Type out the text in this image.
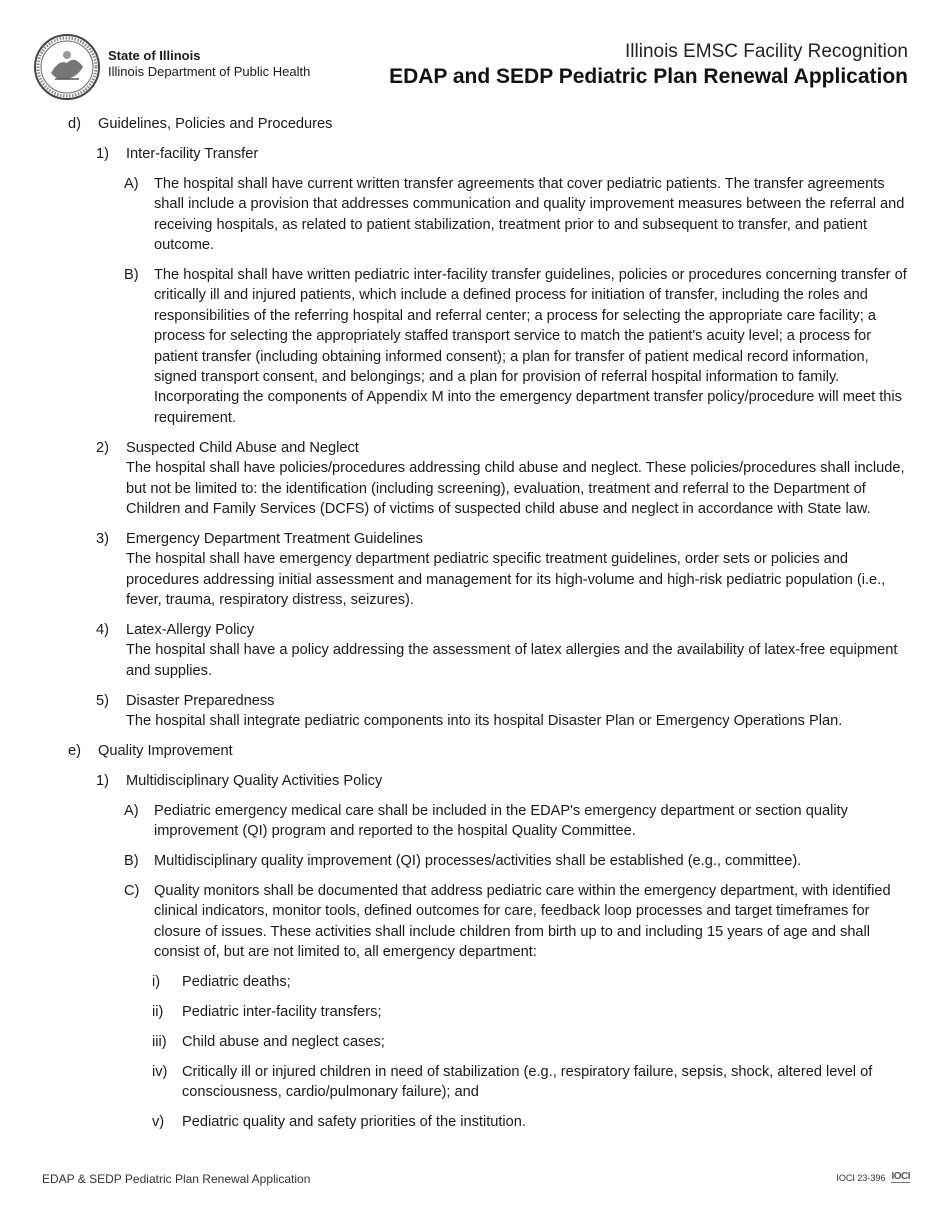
State of Illinois
Illinois Department of Public Health
Illinois EMSC Facility Recognition
EDAP and SEDP Pediatric Plan Renewal Application
d) Guidelines, Policies and Procedures
1) Inter-facility Transfer
A) The hospital shall have current written transfer agreements that cover pediatric patients. The transfer agreements shall include a provision that addresses communication and quality improvement measures between the referral and receiving hospitals, as related to patient stabilization, treatment prior to and subsequent to transfer, and patient outcome.
B) The hospital shall have written pediatric inter-facility transfer guidelines, policies or procedures concerning transfer of critically ill and injured patients, which include a defined process for initiation of transfer, including the roles and responsibilities of the referring hospital and referral center; a process for selecting the appropriate care facility; a process for selecting the appropriately staffed transport service to match the patient's acuity level; a process for patient transfer (including obtaining informed consent); a plan for transfer of patient medical record information, signed transport consent, and belongings; and a plan for provision of referral hospital information to family. Incorporating the components of Appendix M into the emergency department transfer policy/procedure will meet this requirement.
2) Suspected Child Abuse and Neglect
The hospital shall have policies/procedures addressing child abuse and neglect. These policies/procedures shall include, but not be limited to: the identification (including screening), evaluation, treatment and referral to the Department of Children and Family Services (DCFS) of victims of suspected child abuse and neglect in accordance with State law.
3) Emergency Department Treatment Guidelines
The hospital shall have emergency department pediatric specific treatment guidelines, order sets or policies and procedures addressing initial assessment and management for its high-volume and high-risk pediatric population (i.e., fever, trauma, respiratory distress, seizures).
4) Latex-Allergy Policy
The hospital shall have a policy addressing the assessment of latex allergies and the availability of latex-free equipment and supplies.
5) Disaster Preparedness
The hospital shall integrate pediatric components into its hospital Disaster Plan or Emergency Operations Plan.
e) Quality Improvement
1) Multidisciplinary Quality Activities Policy
A) Pediatric emergency medical care shall be included in the EDAP's emergency department or section quality improvement (QI) program and reported to the hospital Quality Committee.
B) Multidisciplinary quality improvement (QI) processes/activities shall be established (e.g., committee).
C) Quality monitors shall be documented that address pediatric care within the emergency department, with identified clinical indicators, monitor tools, defined outcomes for care, feedback loop processes and target timeframes for closure of issues. These activities shall include children from birth up to and including 15 years of age and shall consist of, but are not limited to, all emergency department:
i) Pediatric deaths;
ii) Pediatric inter-facility transfers;
iii) Child abuse and neglect cases;
iv) Critically ill or injured children in need of stabilization (e.g., respiratory failure, sepsis, shock, altered level of consciousness, cardio/pulmonary failure); and
v) Pediatric quality and safety priorities of the institution.
EDAP & SEDP Pediatric Plan Renewal Application	IOCI 23-396 IOCI
